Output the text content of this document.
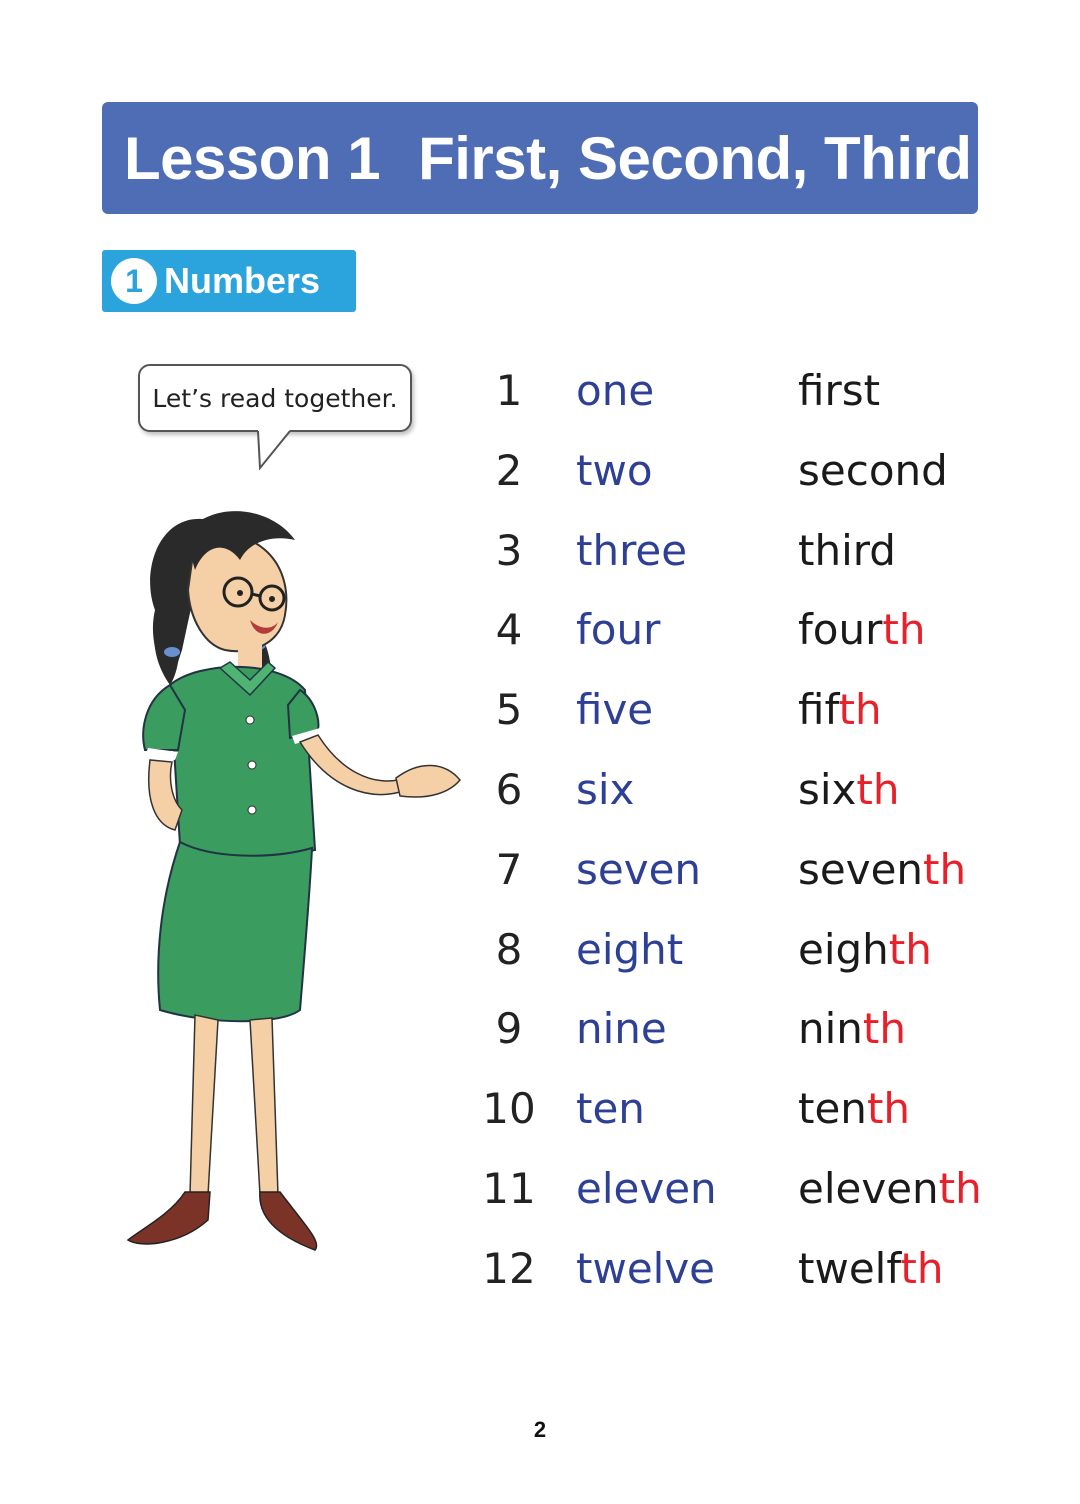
Lesson 1 First, Second, Third
1 Numbers
Let’s read together.	1	one	first
2	two	second
3	three	third
4	four	fourth
5	five	fifth
6	six	sixth
7	seven seventh
8	eight	eighth
9	nine	ninth
10 ten	tenth
11 eleven eleventh
12 twelve twelfth
2
